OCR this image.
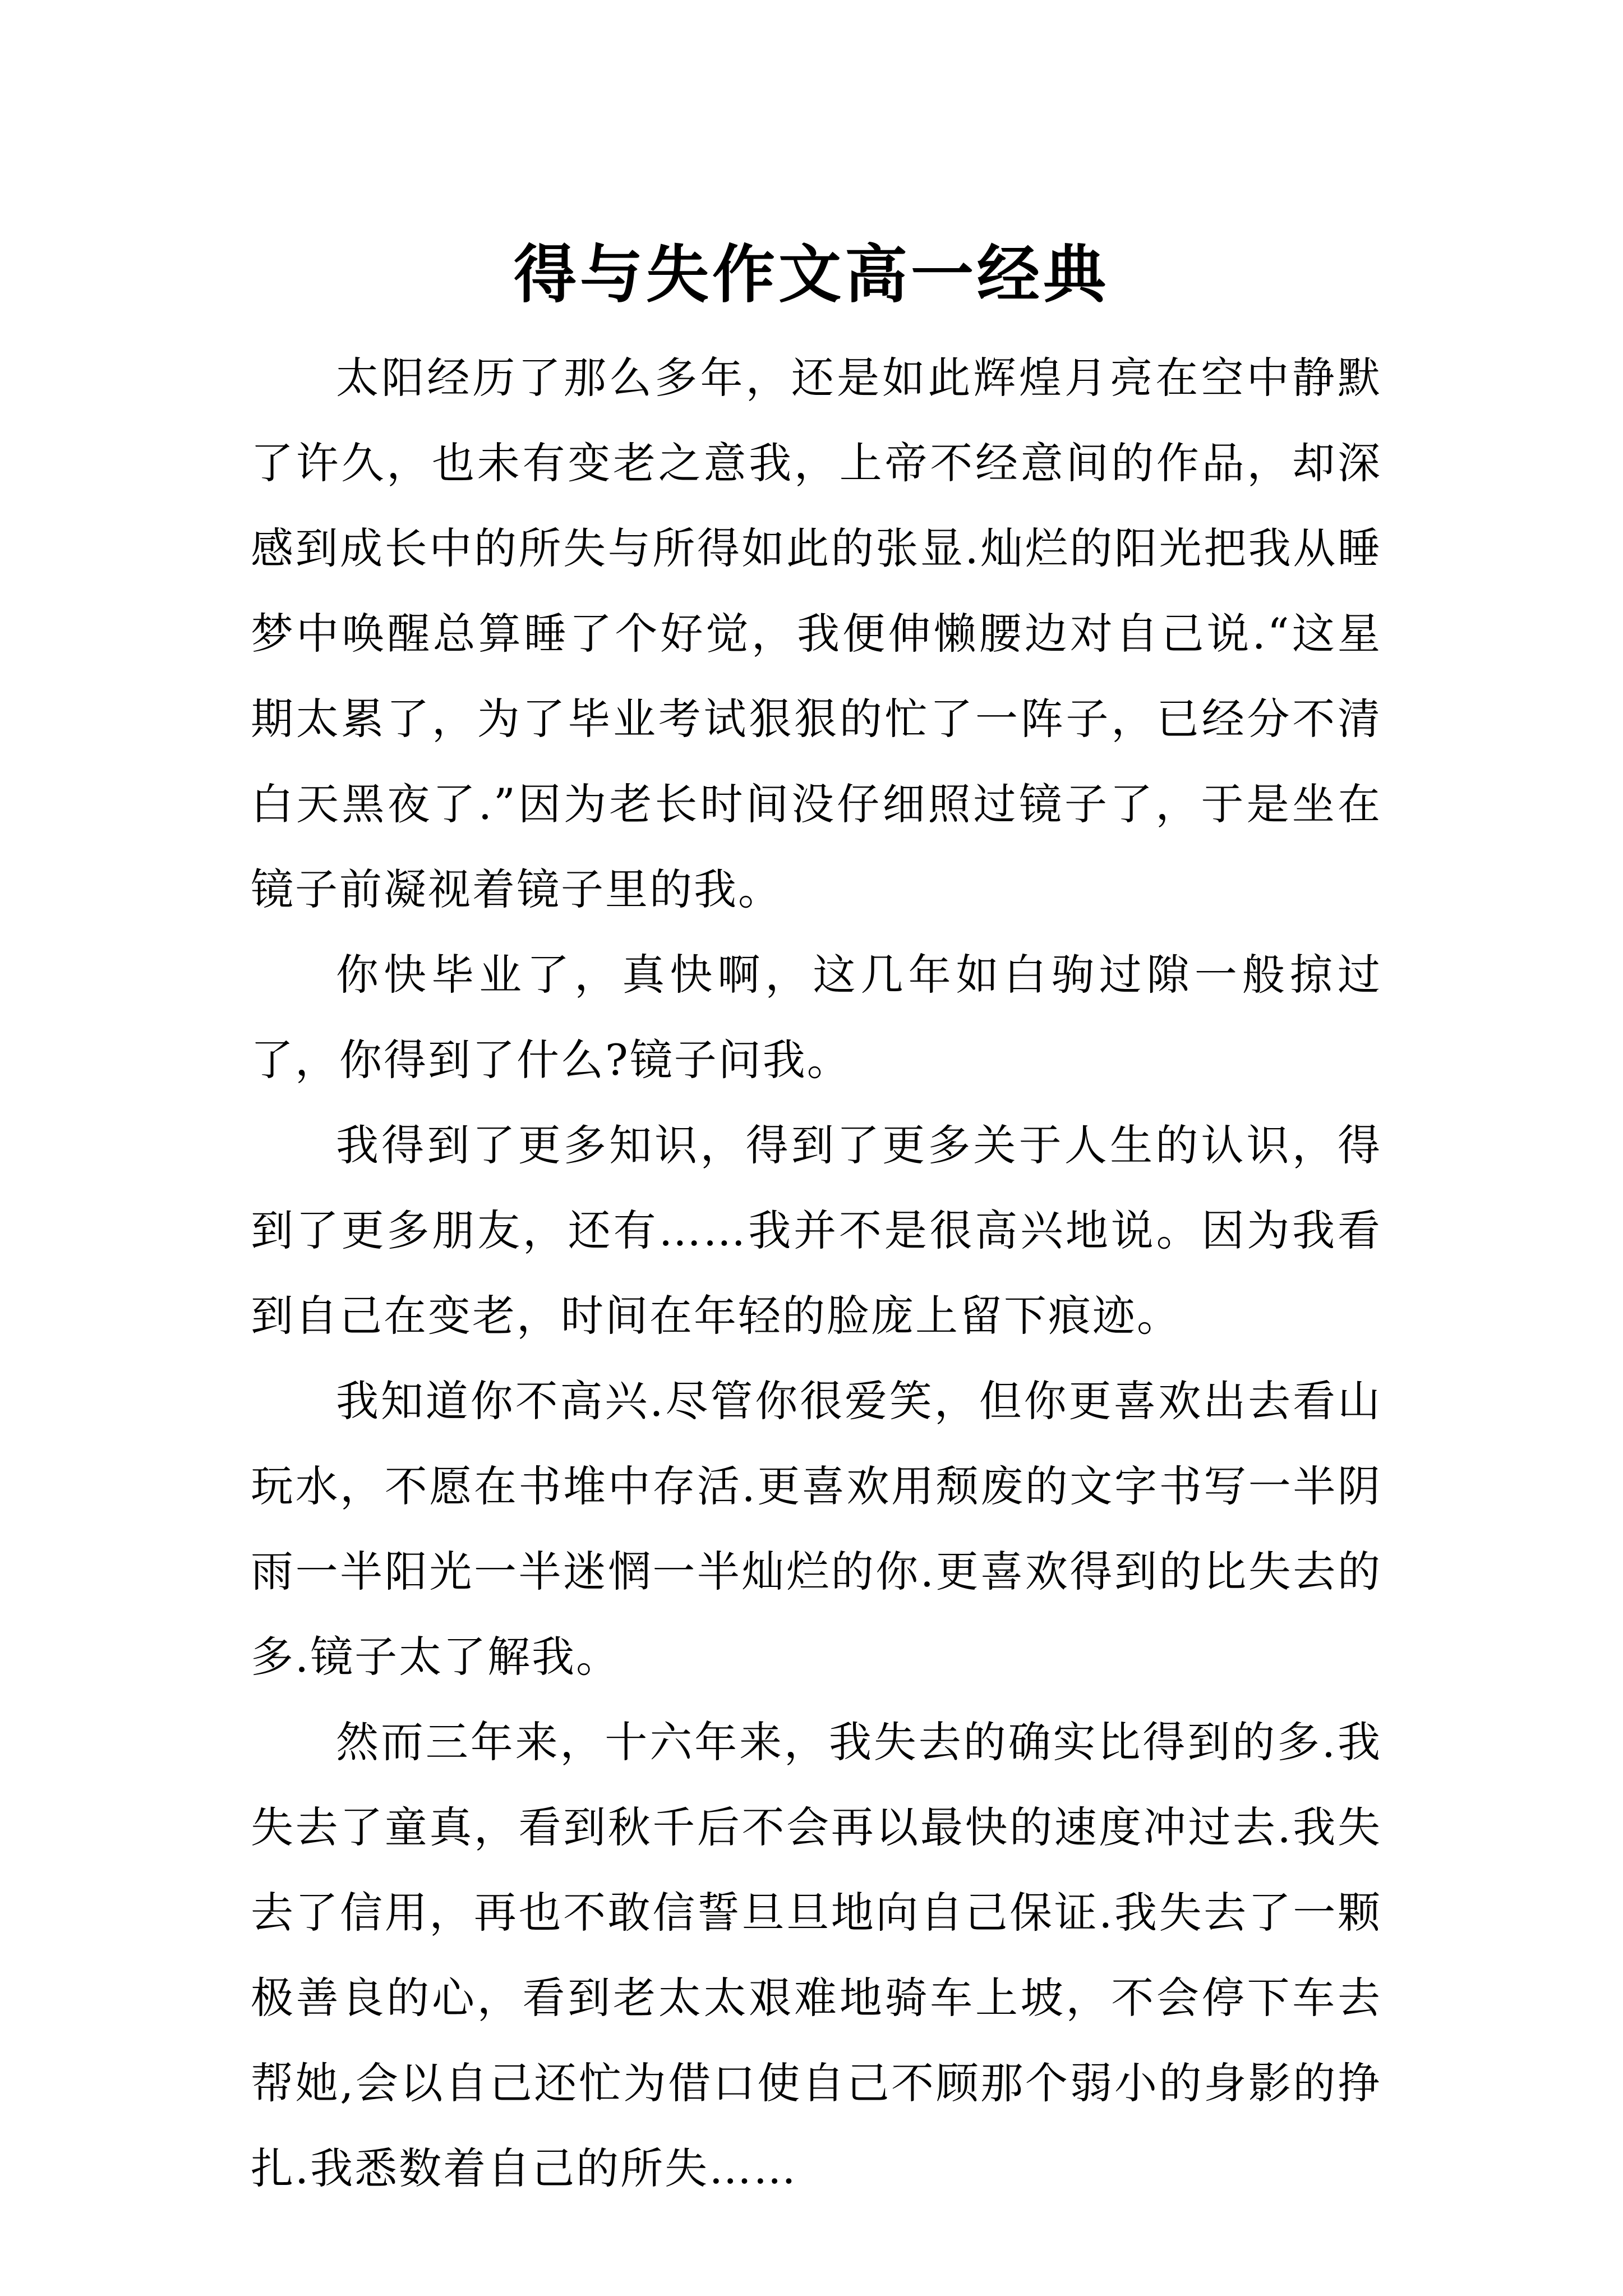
得与失作文高一经典

太阳经历了那么多年，还是如此辉煌月亮在空中静默了许久，也未有变老之意我，上帝不经意间的作品，却深感到成长中的所失与所得如此的张显.灿烂的阳光把我从睡梦中唤醒总算睡了个好觉，我便伸懒腰边对自己说.“这星期太累了，为了毕业考试狠狠的忙了一阵子，已经分不清白天黑夜了.”因为老长时间没仔细照过镜子了，于是坐在镜子前凝视着镜子里的我。

你快毕业了，真快啊，这几年如白驹过隙一般掠过了，你得到了什么?镜子问我。

我得到了更多知识，得到了更多关于人生的认识，得到了更多朋友，还有……我并不是很高兴地说。因为我看到自己在变老，时间在年轻的脸庞上留下痕迹。

我知道你不高兴.尽管你很爱笑，但你更喜欢出去看山玩水，不愿在书堆中存活.更喜欢用颓废的文字书写一半阴雨一半阳光一半迷惘一半灿烂的你.更喜欢得到的比失去的多.镜子太了解我。

然而三年来，十六年来，我失去的确实比得到的多.我失去了童真，看到秋千后不会再以最快的速度冲过去.我失去了信用，再也不敢信誓旦旦地向自己保证.我失去了一颗极善良的心，看到老太太艰难地骑车上坡，不会停下车去帮她,会以自己还忙为借口使自己不顾那个弱小的身影的挣扎.我悉数着自己的所失……
